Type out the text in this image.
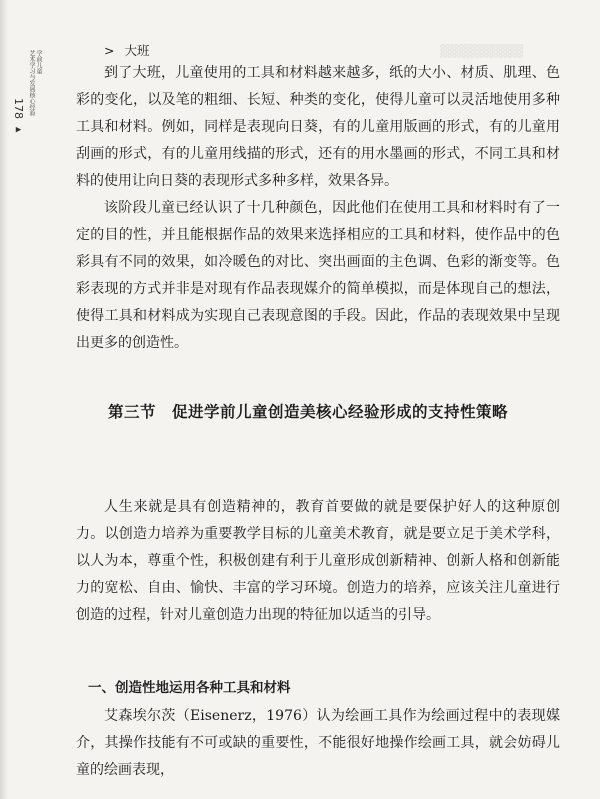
178 ▸
学前儿童
艺术学习与发展核心经验	▓▓▓▓▓▓▓▓▓
> 大班

到了大班，儿童使用的工具和材料越来越多，纸的大小、材质、肌理、色彩的变化，以及笔的粗细、长短、种类的变化，使得儿童可以灵活地使用多种工具和材料。例如，同样是表现向日葵，有的儿童用版画的形式，有的儿童用刮画的形式，有的儿童用线描的形式，还有的用水墨画的形式，不同工具和材料的使用让向日葵的表现形式多种多样，效果各异。

该阶段儿童已经认识了十几种颜色，因此他们在使用工具和材料时有了一定的目的性，并且能根据作品的效果来选择相应的工具和材料，使作品中的色彩具有不同的效果，如冷暖色的对比、突出画面的主色调、色彩的渐变等。色彩表现的方式并非是对现有作品表现媒介的简单模拟，而是体现自己的想法，使得工具和材料成为实现自己表现意图的手段。因此，作品的表现效果中呈现出更多的创造性。

第三节　促进学前儿童创造美核心经验形成的支持性策略

人生来就是具有创造精神的，教育首要做的就是要保护好人的这种原创力。以创造力培养为重要教学目标的儿童美术教育，就是要立足于美术学科，以人为本，尊重个性，积极创建有利于儿童形成创新精神、创新人格和创新能力的宽松、自由、愉快、丰富的学习环境。创造力的培养，应该关注儿童进行创造的过程，针对儿童创造力出现的特征加以适当的引导。

一、创造性地运用各种工具和材料

艾森埃尔茨（Eisenerz，1976）认为绘画工具作为绘画过程中的表现媒介，其操作技能有不可或缺的重要性，不能很好地操作绘画工具，就会妨碍儿童的绘画表现，
